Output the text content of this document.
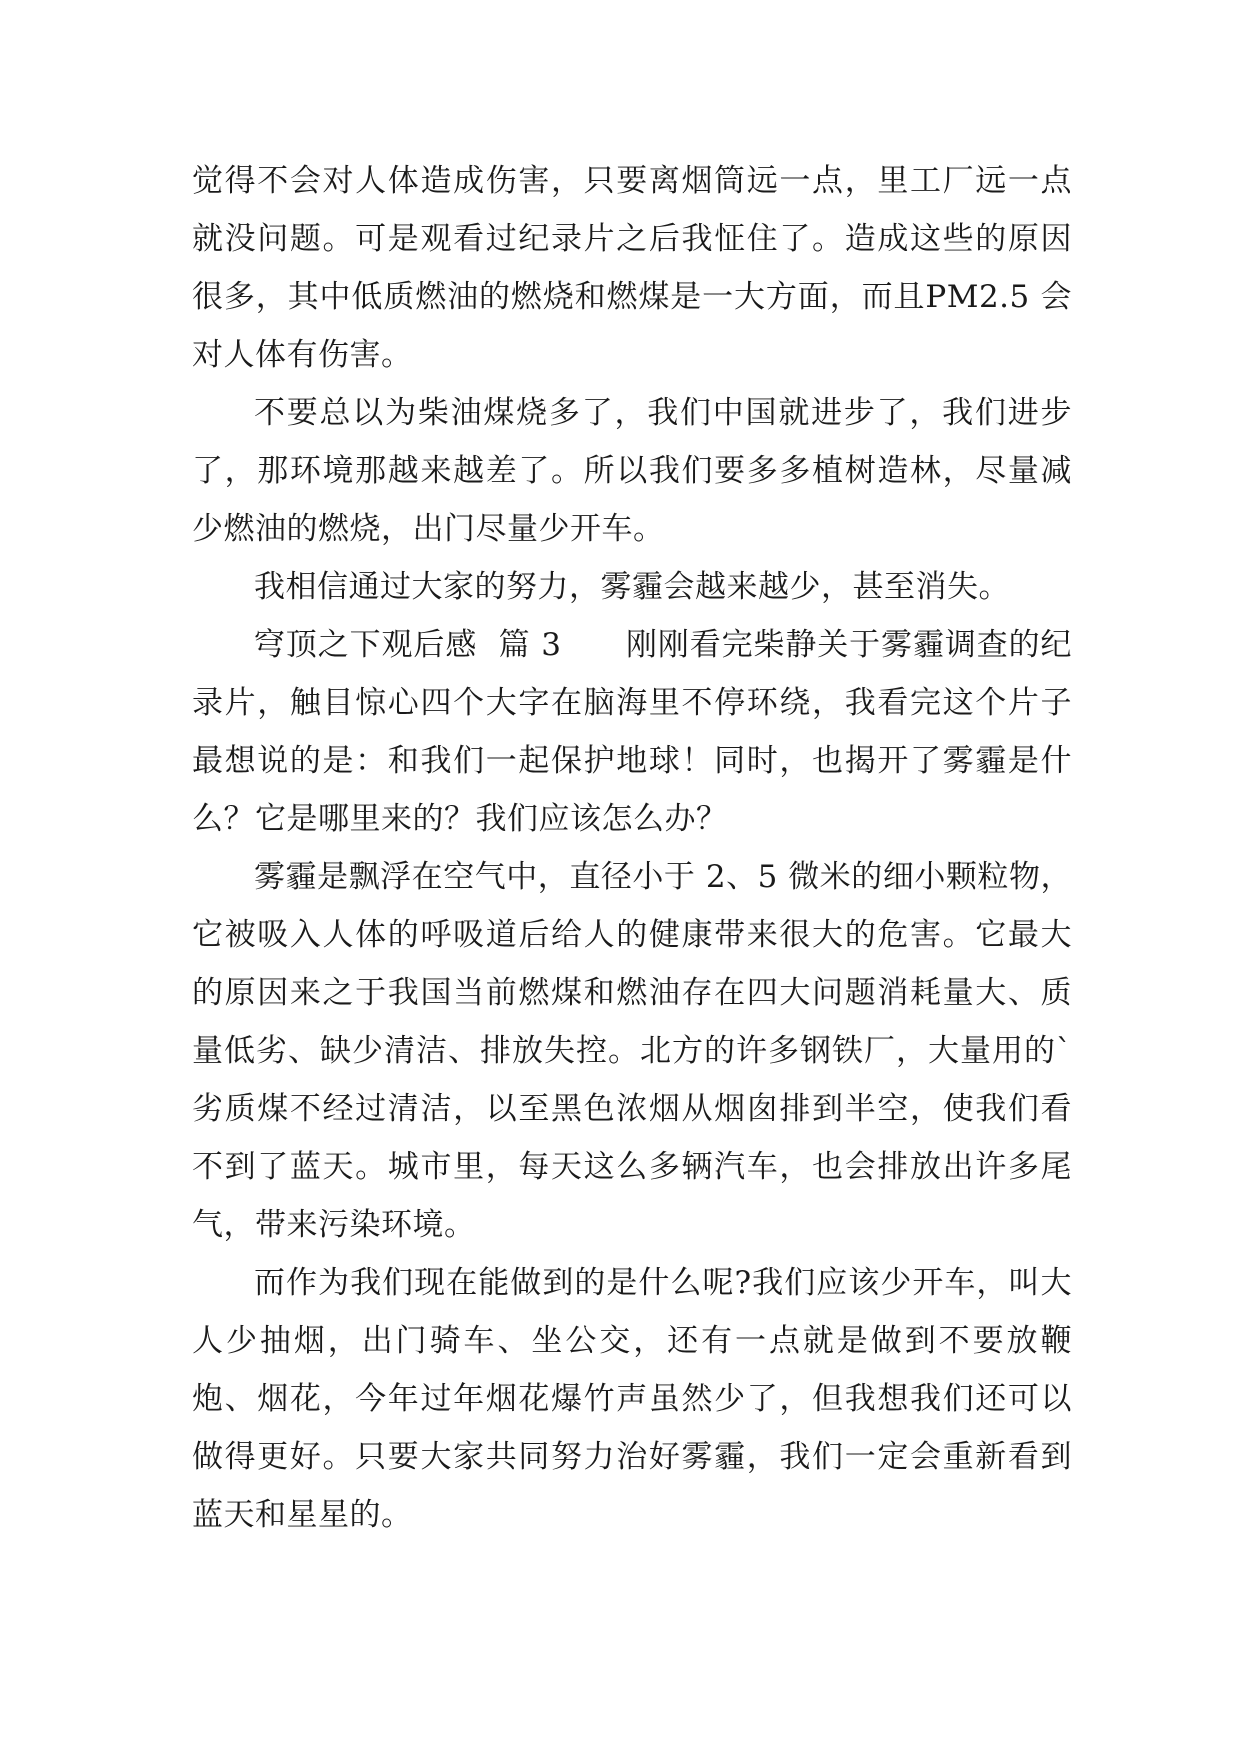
觉得不会对人体造成伤害，只要离烟筒远一点，里工厂远一点就没问题。可是观看过纪录片之后我怔住了。造成这些的原因很多，其中低质燃油的燃烧和燃煤是一大方面，而且PM2.5 会对人体有伤害。

不要总以为柴油煤烧多了，我们中国就进步了，我们进步了，那环境那越来越差了。所以我们要多多植树造林，尽量减少燃油的燃烧，出门尽量少开车。

我相信通过大家的努力，雾霾会越来越少，甚至消失。

穹顶之下观后感  篇 3      刚刚看完柴静关于雾霾调查的纪录片，触目惊心四个大字在脑海里不停环绕，我看完这个片子最想说的是：和我们一起保护地球！同时，也揭开了雾霾是什么？它是哪里来的？我们应该怎么办？

雾霾是飘浮在空气中，直径小于 2、5 微米的细小颗粒物，它被吸入人体的呼吸道后给人的健康带来很大的危害。它最大的原因来之于我国当前燃煤和燃油存在四大问题消耗量大、质量低劣、缺少清洁、排放失控。北方的许多钢铁厂，大量用的`劣质煤不经过清洁，以至黑色浓烟从烟囱排到半空，使我们看不到了蓝天。城市里，每天这么多辆汽车，也会排放出许多尾气，带来污染环境。

而作为我们现在能做到的是什么呢?我们应该少开车，叫大人少抽烟，出门骑车、坐公交，还有一点就是做到不要放鞭炮、烟花，今年过年烟花爆竹声虽然少了，但我想我们还可以做得更好。只要大家共同努力治好雾霾，我们一定会重新看到蓝天和星星的。
